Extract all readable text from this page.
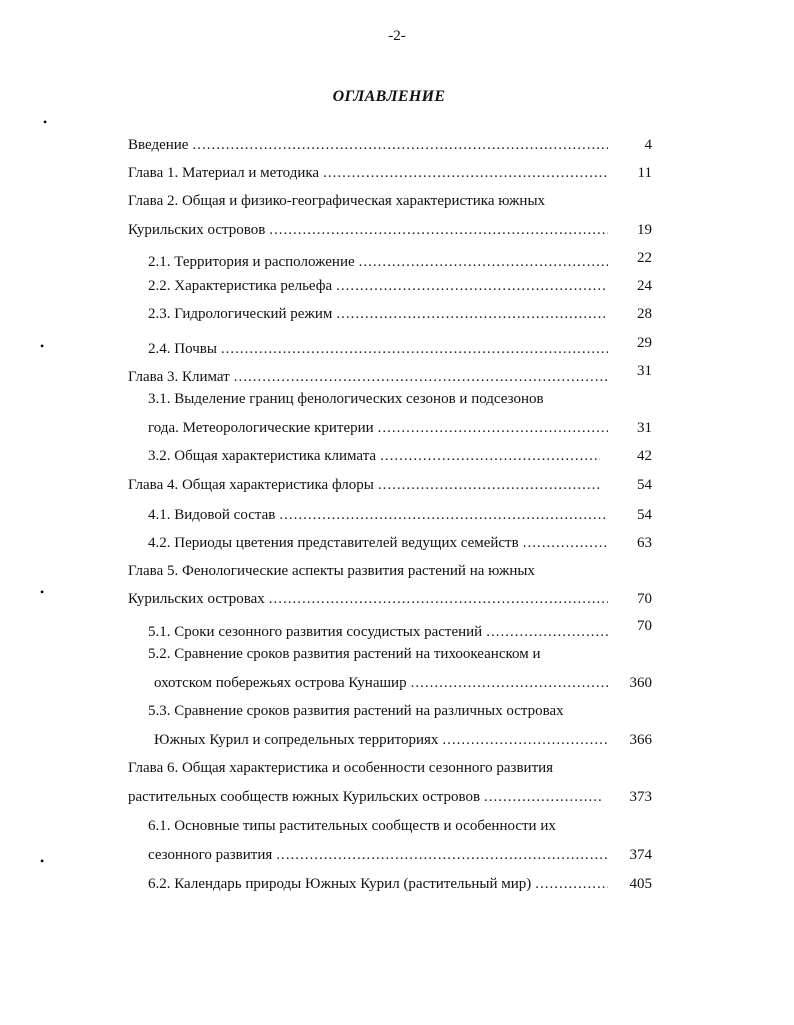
-2-
ОГЛАВЛЕНИЕ
Введение .....	4
Глава 1. Материал и методика .....	11
Глава 2. Общая и физико-географическая характеристика южных
Курильских островов .....	19
2.1. Территория и расположение .....	22
2.2. Характеристика рельефа .....	24
2.3. Гидрологический режим .....	28
2.4. Почвы .....	29
Глава 3. Климат .....	31
3.1. Выделение границ фенологических сезонов и подсезонов
года. Метеорологические критерии .....	31
3.2. Общая характеристика климата .....	42
Глава 4. Общая характеристика флоры .....	54
4.1. Видовой состав .....	54
4.2. Периоды цветения представителей ведущих семейств .....	63
Глава 5. Фенологические аспекты развития растений на южных
Курильских островах .....	70
5.1. Сроки сезонного развития сосудистых растений .....	70
5.2. Сравнение сроков развития растений на тихоокеанском и
охотском побережьях острова Кунашир .....	360
5.3. Сравнение сроков развития растений на различных островах
Южных Курил и сопредельных территориях .....	366
Глава 6. Общая характеристика и особенности сезонного развития
растительных сообществ южных Курильских островов .....	373
6.1. Основные типы растительных сообществ и особенности их
сезонного развития .....	374
6.2. Календарь природы Южных Курил (растительный мир) .....	405
•
•
•
•
